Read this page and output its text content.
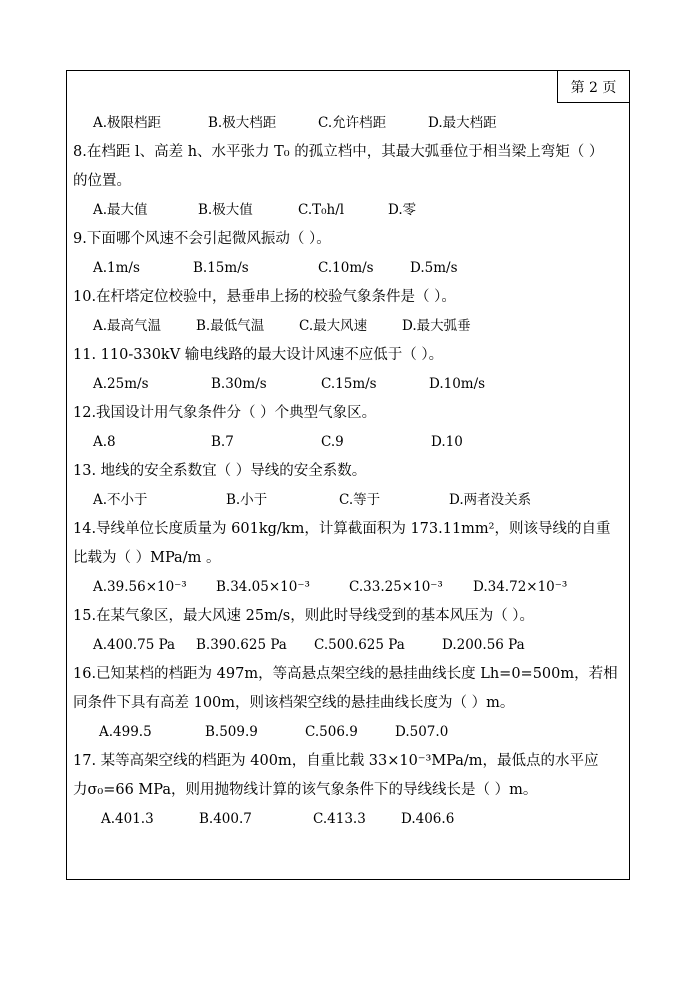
第 2 页
A.极限档距	B.极大档距	C.允许档距	D.最大档距
8.在档距 l、高差 h、水平张力 T₀ 的孤立档中，其最大弧垂位于相当梁上弯矩（ ）
的位置。
A.最大值	B.极大值	C.T₀h/l	D.零
9.下面哪个风速不会引起微风振动（ ）。
A.1m/s	B.15m/s	C.10m/s	D.5m/s
10.在杆塔定位校验中，悬垂串上扬的校验气象条件是（ ）。
A.最高气温	B.最低气温	C.最大风速	D.最大弧垂
11. 110-330kV 输电线路的最大设计风速不应低于（ ）。
A.25m/s	B.30m/s	C.15m/s	D.10m/s
12.我国设计用气象条件分（ ）个典型气象区。
A.8	B.7	C.9	D.10
13. 地线的安全系数宜（ ）导线的安全系数。
A.不小于	B.小于	C.等于	D.两者没关系
14.导线单位长度质量为 601kg/km，计算截面积为 173.11mm²，则该导线的自重
比载为（ ）MPa/m 。
A.39.56×10⁻³	B.34.05×10⁻³	C.33.25×10⁻³	D.34.72×10⁻³
15.在某气象区，最大风速 25m/s，则此时导线受到的基本风压为（ ）。
A.400.75 Pa	B.390.625 Pa	C.500.625 Pa	D.200.56 Pa
16.已知某档的档距为 497m，等高悬点架空线的悬挂曲线长度 Lh=0=500m，若相
同条件下具有高差 100m，则该档架空线的悬挂曲线长度为（ ）m。
A.499.5	B.509.9	C.506.9	D.507.0
17. 某等高架空线的档距为 400m，自重比载 33×10⁻³MPa/m，最低点的水平应
力σ₀=66 MPa，则用抛物线计算的该气象条件下的导线线长是（ ）m。
A.401.3	B.400.7	C.413.3	D.406.6
